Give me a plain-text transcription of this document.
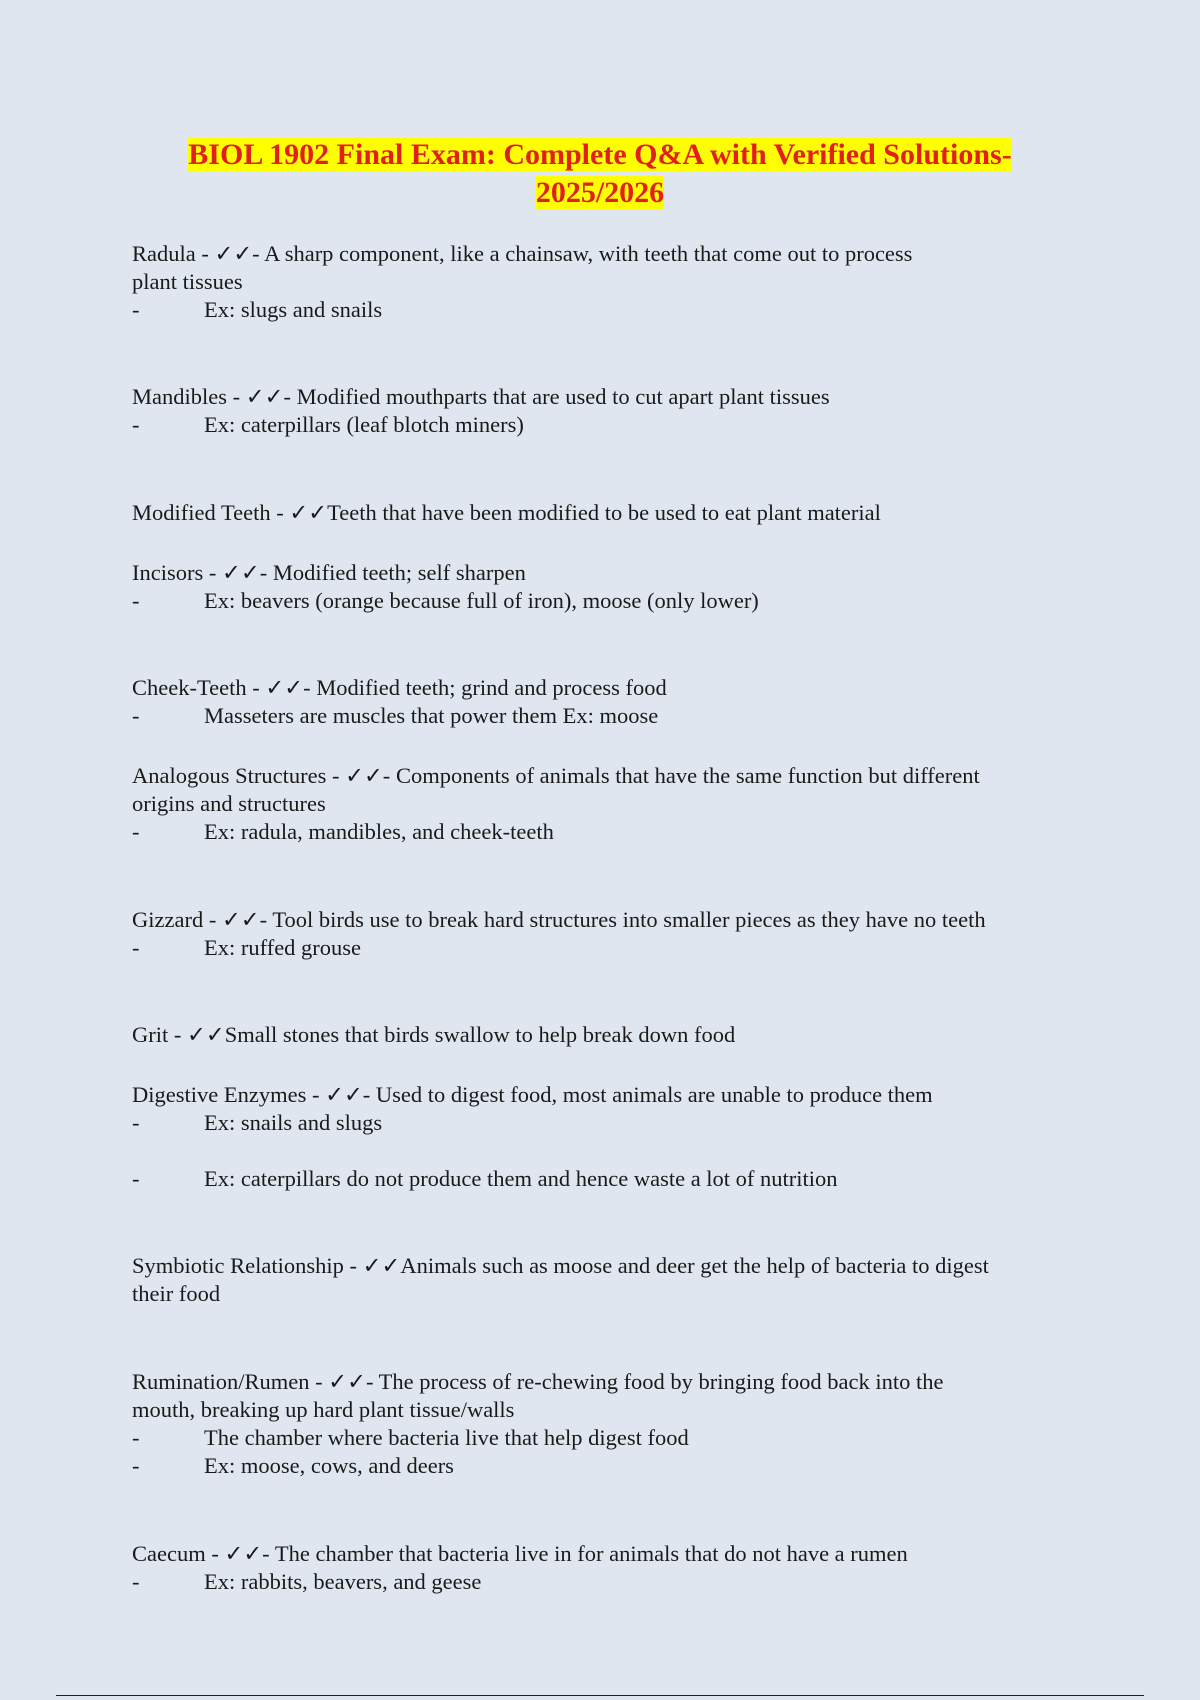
BIOL 1902 Final Exam: Complete Q&A with Verified Solutions-
2025/2026
Radula - ✓✓- A sharp component, like a chainsaw, with teeth that come out to process
plant tissues
-	Ex: slugs and snails
Mandibles - ✓✓- Modified mouthparts that are used to cut apart plant tissues
-	Ex: caterpillars (leaf blotch miners)
Modified Teeth - ✓✓Teeth that have been modified to be used to eat plant material
Incisors - ✓✓- Modified teeth; self sharpen
-	Ex: beavers (orange because full of iron), moose (only lower)
Cheek-Teeth - ✓✓- Modified teeth; grind and process food
-	Masseters are muscles that power them Ex: moose
Analogous Structures - ✓✓- Components of animals that have the same function but different
origins and structures
-	Ex: radula, mandibles, and cheek-teeth
Gizzard - ✓✓- Tool birds use to break hard structures into smaller pieces as they have no teeth
-	Ex: ruffed grouse
Grit - ✓✓Small stones that birds swallow to help break down food
Digestive Enzymes - ✓✓- Used to digest food, most animals are unable to produce them
-	Ex: snails and slugs
-	Ex: caterpillars do not produce them and hence waste a lot of nutrition
Symbiotic Relationship - ✓✓Animals such as moose and deer get the help of bacteria to digest
their food
Rumination/Rumen - ✓✓- The process of re-chewing food by bringing food back into the
mouth, breaking up hard plant tissue/walls
-	The chamber where bacteria live that help digest food
-	Ex: moose, cows, and deers
Caecum - ✓✓- The chamber that bacteria live in for animals that do not have a rumen
-	Ex: rabbits, beavers, and geese
